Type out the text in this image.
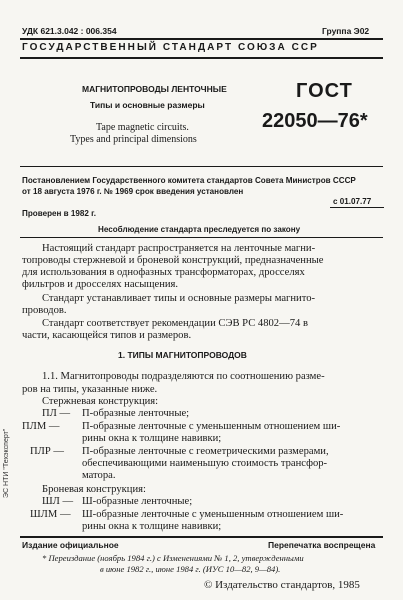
УДК 621.3.042 : 006.354	Группа Э02
ГОСУДАРСТВЕННЫЙ СТАНДАРТ СОЮЗА ССР
МАГНИТОПРОВОДЫ ЛЕНТОЧНЫЕ
Типы и основные размеры
Tape magnetic circuits.
Types and principal dimensions
ГОСТ
22050—76*
Постановлением Государственного комитета стандартов Совета Министров СССР
от 18 августа 1976 г. № 1969 срок введения установлен
с 01.07.77
Проверен в 1982 г.
Несоблюдение стандарта преследуется по закону
Настоящий стандарт распространяется на ленточные магни-
топроводы стержневой и броневой конструкций, предназначенные
для использования в однофазных трансформаторах, дросселях
фильтров и дросселях насыщения.
Стандарт устанавливает типы и основные размеры магнито-
проводов.
Стандарт соответствует рекомендации СЭВ РС 4802—74 в
части, касающейся типов и размеров.
1. ТИПЫ МАГНИТОПРОВОДОВ
1.1. Магнитопроводы подразделяются по соотношению разме-
ров на типы, указанные ниже.
Стержневая конструкция:
ПЛ — П-образные ленточные;
ПЛМ — П-образные ленточные с уменьшенным отношением ши-
рины окна к толщине навивки;
ПЛР — П-образные ленточные с геометрическими размерами,
обеспечивающими наименьшую стоимость трансфор-
матора.
Броневая конструкция:
ШЛ — Ш-образные ленточные;
ШЛМ — Ш-образные ленточные с уменьшенным отношением ши-
рины окна к толщине навивки;
Издание официальное	Перепечатка воспрещена
* Переиздание (ноябрь 1984 г.) с Изменениями № 1, 2, утвержденными
в июне 1982 г., июне 1984 г. (ИУС 10—82, 9—84).
© Издательство стандартов, 1985
ЭС НТИ "Техэксперт"
